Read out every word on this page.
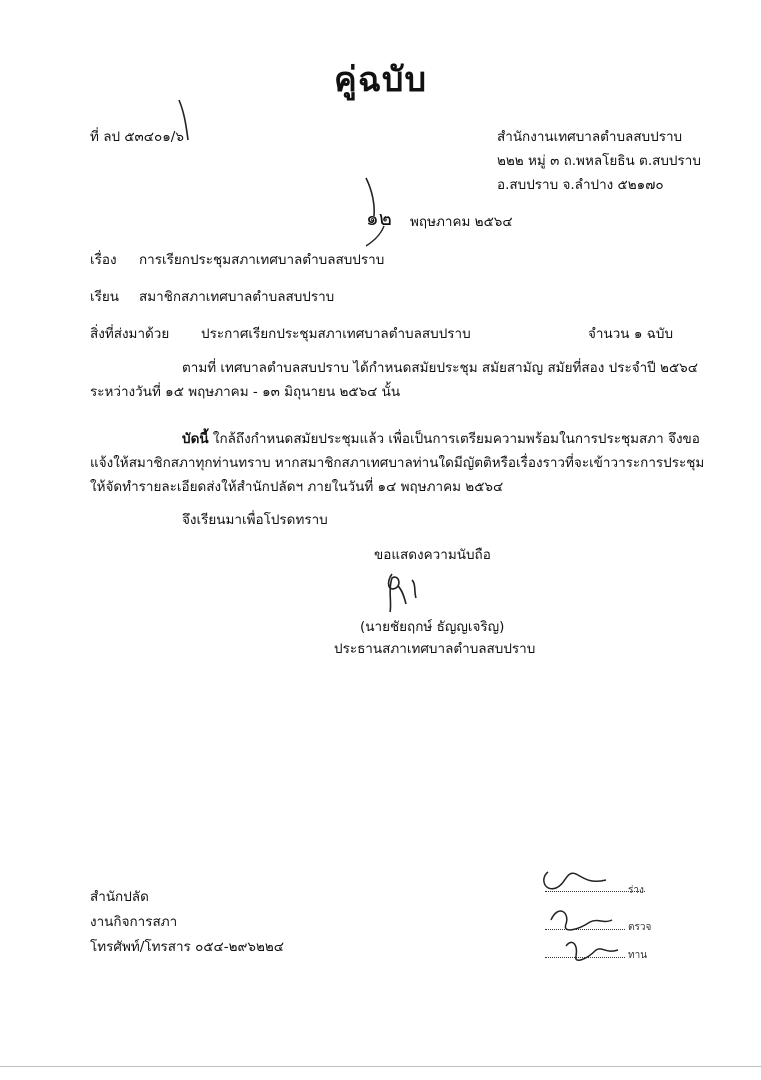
คู่ฉบับ
ที่ ลป ๕๓๔๐๑/๖	สำนักงานเทศบาลตำบลสบปราบ
๒๒๒ หมู่ ๓ ถ.พหลโยธิน ต.สบปราบ
อ.สบปราบ จ.ลำปาง ๕๒๑๗๐
๑๒ พฤษภาคม ๒๕๖๔
เรื่อง การเรียกประชุมสภาเทศบาลตำบลสบปราบ
เรียน สมาชิกสภาเทศบาลตำบลสบปราบ
สิ่งที่ส่งมาด้วย ประกาศเรียกประชุมสภาเทศบาลตำบลสบปราบ	จำนวน ๑ ฉบับ
ตามที่ เทศบาลตำบลสบปราบ ได้กำหนดสมัยประชุม สมัยสามัญ สมัยที่สอง ประจำปี ๒๕๖๔ ระหว่างวันที่ ๑๕ พฤษภาคม - ๑๓ มิถุนายน ๒๕๖๔ นั้น
บัดนี้ ใกล้ถึงกำหนดสมัยประชุมแล้ว เพื่อเป็นการเตรียมความพร้อมในการประชุมสภา จึงขอแจ้งให้สมาชิกสภาทุกท่านทราบ หากสมาชิกสภาเทศบาลท่านใดมีญัตติหรือเรื่องราวที่จะเข้าวาระการประชุม ให้จัดทำรายละเอียดส่งให้สำนักปลัดฯ ภายในวันที่ ๑๔ พฤษภาคม ๒๕๖๔
จึงเรียนมาเพื่อโปรดทราบ
ขอแสดงความนับถือ
(นายชัยฤกษ์ ธัญญเจริญ)
ประธานสภาเทศบาลตำบลสบปราบ
สำนักปลัด
งานกิจการสภา
โทรศัพท์/โทรสาร ๐๕๔-๒๙๖๒๒๔
ร่าง
ตรวจ
ทาน
